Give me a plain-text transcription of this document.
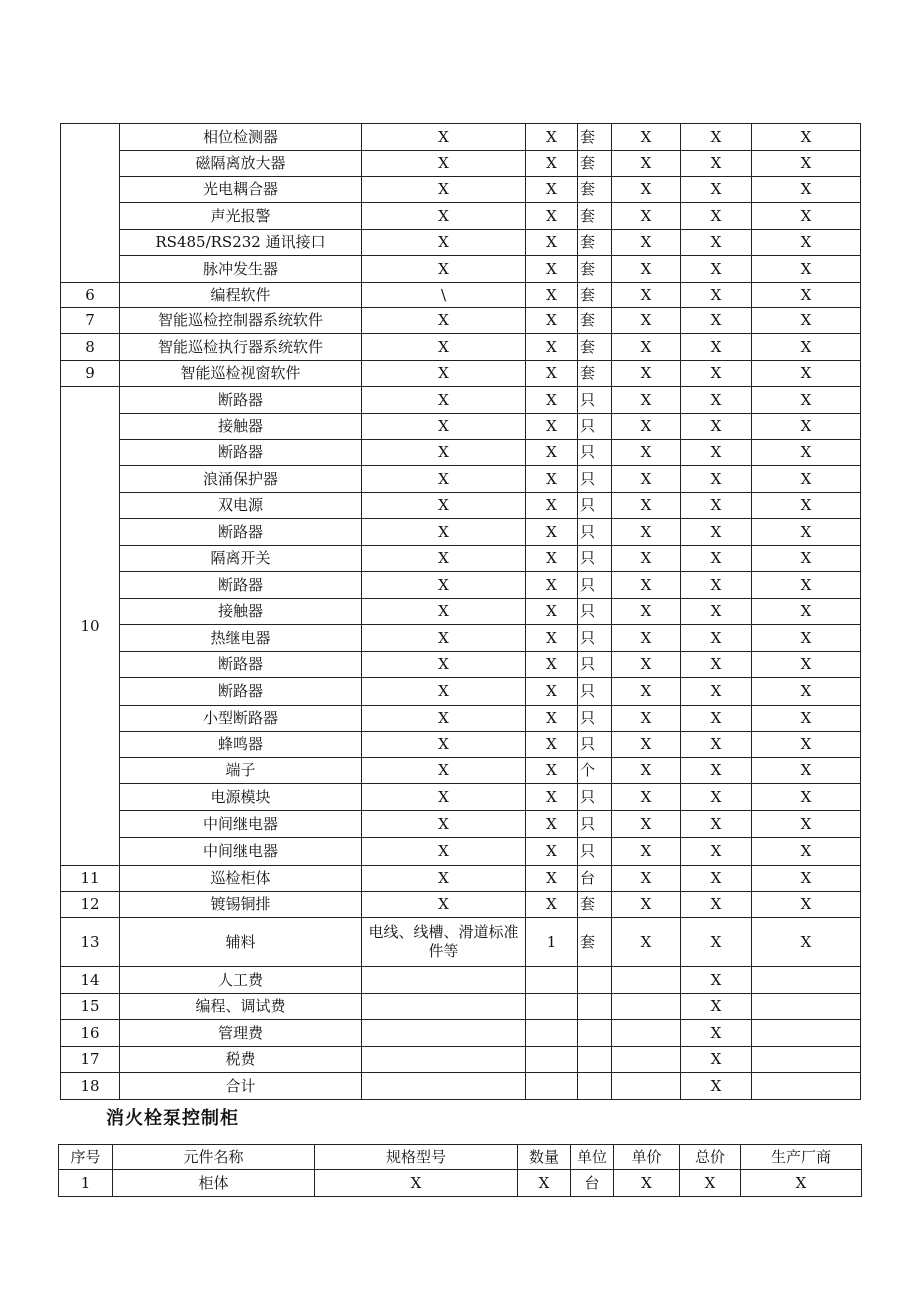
	相位检测器	X	X	套	X	X	X
	磁隔离放大器	X	X	套	X	X	X
	光电耦合器	X	X	套	X	X	X
	声光报警	X	X	套	X	X	X
	RS485/RS232 通讯接口	X	X	套	X	X	X
	脉冲发生器	X	X	套	X	X	X
6	编程软件	\	X	套	X	X	X
7	智能巡检控制器系统软件	X	X	套	X	X	X
8	智能巡检执行器系统软件	X	X	套	X	X	X
9	智能巡检视窗软件	X	X	套	X	X	X
10	断路器	X	X	只	X	X	X
	接触器	X	X	只	X	X	X
	断路器	X	X	只	X	X	X
	浪涌保护器	X	X	只	X	X	X
	双电源	X	X	只	X	X	X
	断路器	X	X	只	X	X	X
	隔离开关	X	X	只	X	X	X
	断路器	X	X	只	X	X	X
	接触器	X	X	只	X	X	X
	热继电器	X	X	只	X	X	X
	断路器	X	X	只	X	X	X
	断路器	X	X	只	X	X	X
	小型断路器	X	X	只	X	X	X
	蜂鸣器	X	X	只	X	X	X
	端子	X	X	个	X	X	X
	电源模块	X	X	只	X	X	X
	中间继电器	X	X	只	X	X	X
	中间继电器	X	X	只	X	X	X
11	巡检柜体	X	X	台	X	X	X
12	镀锡铜排	X	X	套	X	X	X
13	辅料	电线、线槽、滑道标准件等	1	套	X	X	X
14	人工费					X	
15	编程、调试费					X	
16	管理费					X	
17	税费					X	
18	合计					X	
消火栓泵控制柜
序号	元件名称	规格型号	数量	单位	单价	总价	生产厂商
1	柜体	X	X	台	X	X	X
